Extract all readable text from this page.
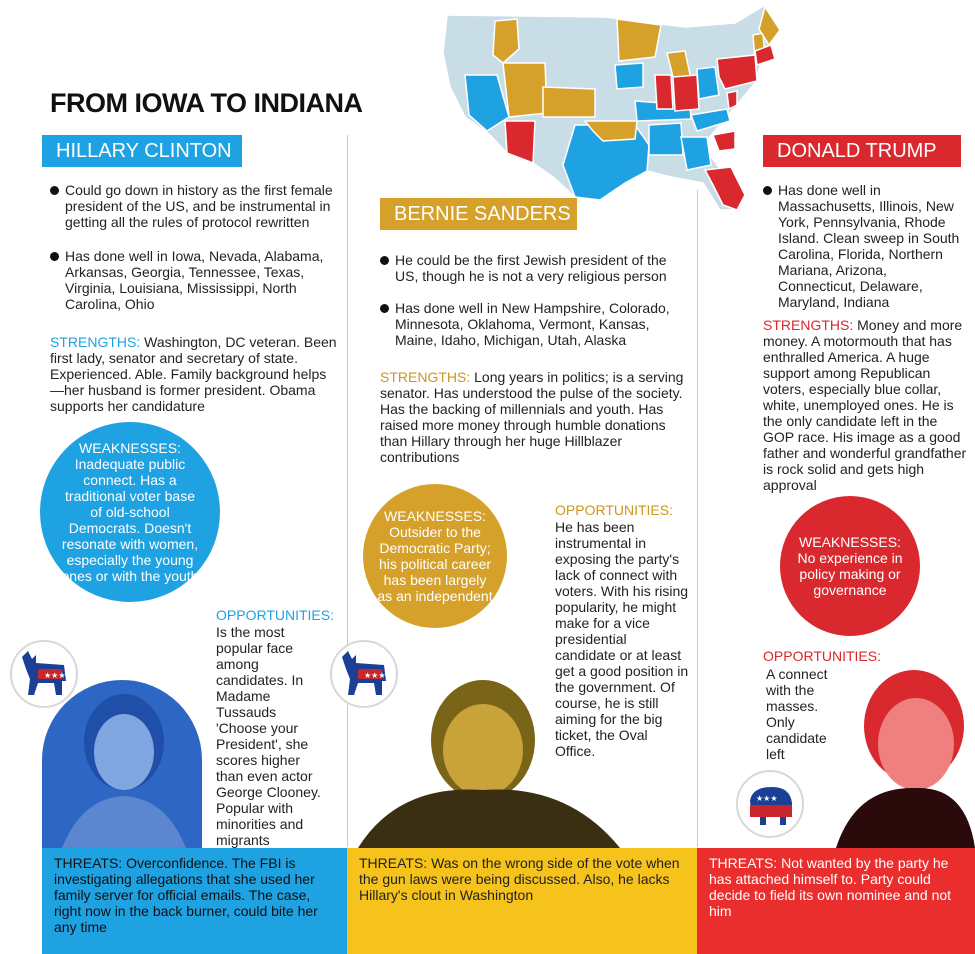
FROM IOWA TO INDIANA
HILLARY CLINTON
Could go down in history as the first female president of the US, and be instrumental in getting all the rules of protocol rewritten
Has done well in Iowa, Nevada, Alabama, Arkansas, Georgia, Tennessee, Texas, Virginia, Louisiana, Mississippi, North Carolina, Ohio
STRENGTHS: Washington, DC veteran. Been first lady, senator and secretary of state. Experienced. Able. Family background helps—her husband is former president. Obama supports her candidature
WEAKNESSES:
Inadequate public connect. Has a traditional voter base of old-school Democrats. Doesn't resonate with women, especially the young ones or with the youth
OPPORTUNITIES:
Is the most popular face among candidates. In Madame Tussauds 'Choose your President', she scores higher than even actor George Clooney. Popular with minorities and migrants
★★★
THREATS: Overconfidence. The FBI is investigating allegations that she used her family server for official emails. The case, right now in the back burner, could bite her any time
BERNIE SANDERS
He could be the first Jewish president of the US, though he is not a very religious person
Has done well in New Hampshire, Colorado, Minnesota, Oklahoma, Vermont, Kansas, Maine, Idaho, Michigan, Utah, Alaska
STRENGTHS: Long years in politics; is a serving senator. Has understood the pulse of the society. Has the backing of millennials and youth. Has raised more money through humble donations than Hillary through her huge Hillblazer contributions
WEAKNESSES:
Outsider to the Democratic Party; his political career has been largely as an independent
OPPORTUNITIES:
He has been instrumental in exposing the party's lack of connect with voters. With his rising popularity, he might make for a vice presidential candidate or at least get a good position in the government. Of course, he is still aiming for the big ticket, the Oval Office.
★★★
THREATS: Was on the wrong side of the vote when the gun laws were being discussed. Also, he lacks Hillary's clout in Washington
DONALD TRUMP
Has done well in Massachusetts, Illinois, New York, Pennsylvania, Rhode Island. Clean sweep in South Carolina, Florida, Northern Mariana, Arizona, Connecticut, Delaware, Maryland, Indiana
STRENGTHS: Money and more money. A motormouth that has enthralled America. A huge support among Republican voters, especially blue collar, white, unemployed ones. He is the only candidate left in the GOP race. His image as a good father and wonderful grandfather is rock solid and gets high approval
WEAKNESSES:
No experience in policy making or governance
OPPORTUNITIES:
A connect with the masses. Only candidate left
★★★
THREATS: Not wanted by the party he has attached himself to. Party could decide to field its own nominee and not him
